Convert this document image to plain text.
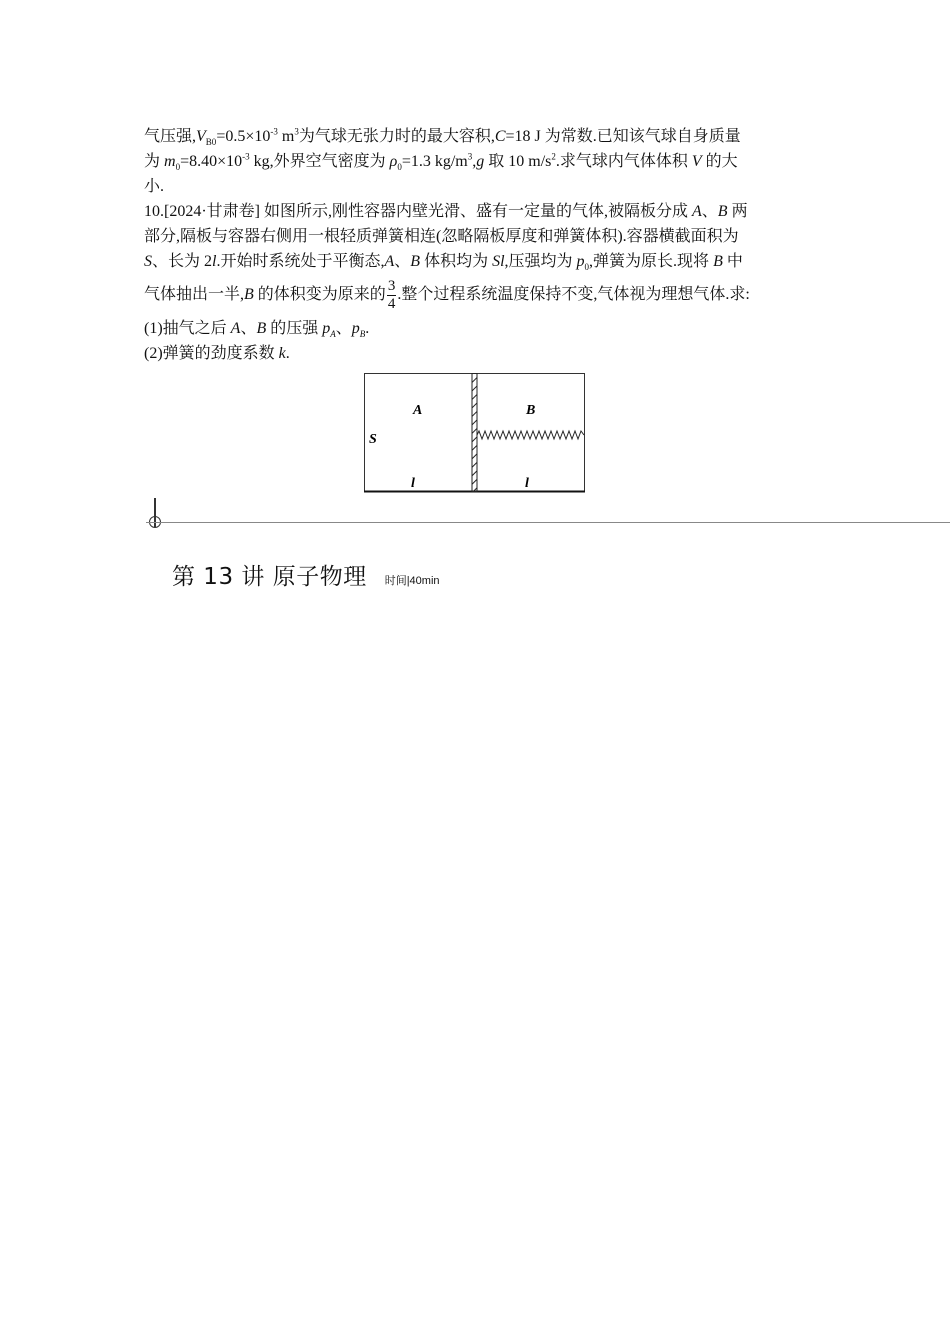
气压强$,V_{B0}=0.5\times 10^{-3}$ $m^3$为气球无张力时的最大容积,C=18 J 为常数.已知该气球自身质量
为 $m_0=8.40\times 10^{-3}$ kg,外界空气密度为 $\rho_0=1.3$ $kg/m^3,g$ 取 10 $m/s^2$.求气球内气体体积 V 的大
小.
10.[2024·甘肃卷] 如图所示,刚性容器内壁光滑、盛有一定量的气体,被隔板分成 A、B 两
部分,隔板与容器右侧用一根轻质弹簧相连(忽略隔板厚度和弹簧体积).容器横截面积为
S、长为 2l.开始时系统处于平衡态,A、B 体积均为 Sl,压强均为 $p_0$,弹簧为原长.现将 B 中
气体抽出一半,B 的体积变为原来的 $\frac{3}{4}$ .整个过程系统温度保持不变,气体视为理想气体.求:
(1)抽气之后 A、B 的压强 $p_A$、$p_B$.
(2)弹簧的劲度系数 k.
A	B
S
l	l
第 13 讲 原子物理 时间|40min
